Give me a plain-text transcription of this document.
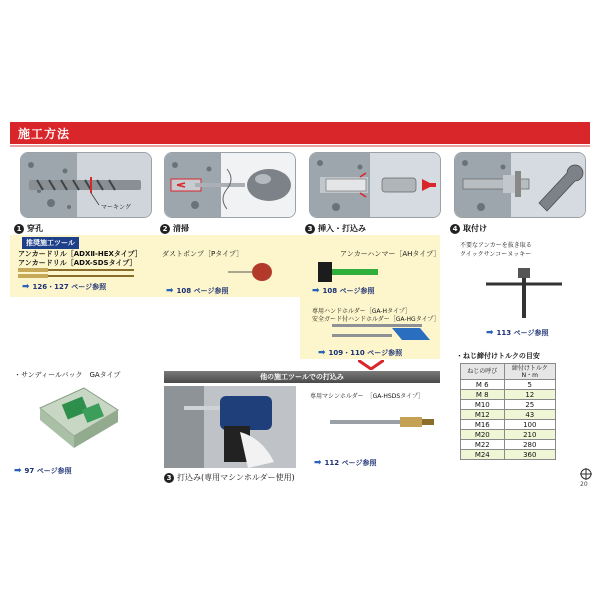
施工方法
マーキング
1 穿孔	2 清掃	3 挿入・打込み	4 取付け
推奨施工ツール
アンカードリル［ADXⅡ-HEXタイプ］
アンカードリル［ADX-SDSタイプ］
➡ 126・127 ページ参照
ダストポンプ［Pタイプ］
➡ 108 ページ参照
アンカーハンマー［AHタイプ］
➡ 108 ページ参照
専用ハンドホルダー［GA-Hタイプ］
安全ガード付ハンドホルダー［GA-HGタイプ］
➡ 109・110 ページ参照
不要なアンカーを抜き取る
クイックサンコーヌッキー
➡ 113 ページ参照
・ねじ締付けトルクの目安
ねじの呼び	締付けトルク
N・m

M 6	5
M 8	12
M10	25
M12	43
M16	100
M20	210
M22	280
M24	360
・サンディールパック　GAタイプ
➡ 97 ページ参照
他の施工ツールでの打込み
3 打込み(専用マシンホルダー使用)
専用マシンホルダー　［GA-HSDSタイプ］
➡ 112 ページ参照
20
